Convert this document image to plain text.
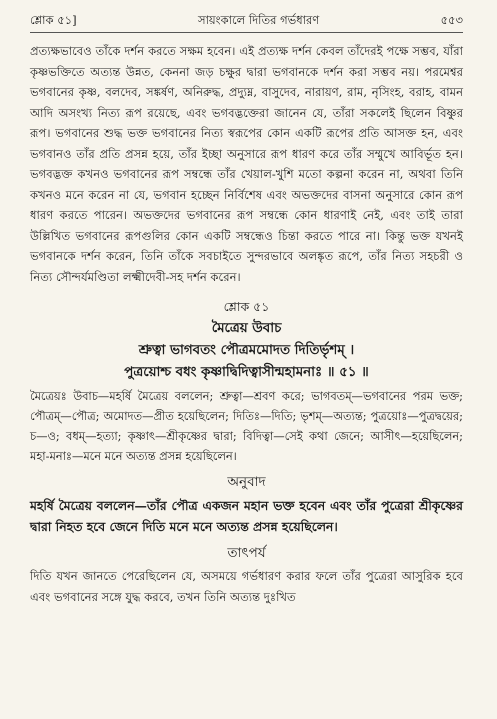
শ্লোক ৫১]	সায়ংকালে দিতির গর্ভধারণ	৫৫৩

প্রত্যক্ষভাবেও তাঁকে দর্শন করতে সক্ষম হবেন। এই প্রত্যক্ষ দর্শন কেবল তাঁদেরই পক্ষে সম্ভব, যাঁরা কৃষ্ণভক্তিতে অত্যন্ত উন্নত, কেননা জড় চক্ষুর দ্বারা ভগবানকে দর্শন করা সম্ভব নয়। পরমেশ্বর ভগবানের কৃষ্ণ, বলদেব, সঙ্কর্ষণ, অনিরুদ্ধ, প্রদ্যুম্ন, বাসুদেব, নারায়ণ, রাম, নৃসিংহ, বরাহ, বামন আদি অসংখ্য নিত্য রূপ রয়েছে, এবং ভগবদ্ভক্তেরা জানেন যে, তাঁরা সকলেই ছিলেন বিষ্ণুর রূপ। ভগবানের শুদ্ধ ভক্ত ভগবানের নিত্য স্বরূপের কোন একটি রূপের প্রতি আসক্ত হন, এবং ভগবানও তাঁর প্রতি প্রসন্ন হয়ে, তাঁর ইচ্ছা অনুসারে রূপ ধারণ করে তাঁর সম্মুখে আবির্ভূত হন। ভগবদ্ভক্ত কখনও ভগবানের রূপ সম্বন্ধে তাঁর খেয়াল-খুশি মতো কল্পনা করেন না, অথবা তিনি কখনও মনে করেন না যে, ভগবান হচ্ছেন নির্বিশেষ এবং অভক্তদের বাসনা অনুসারে কোন রূপ ধারণ করতে পারেন। অভক্তদের ভগবানের রূপ সম্বন্ধে কোন ধারণাই নেই, এবং তাই তারা উল্লিখিত ভগবানের রূপগুলির কোন একটি সম্বন্ধেও চিন্তা করতে পারে না। কিন্তু ভক্ত যখনই ভগবানকে দর্শন করেন, তিনি তাঁকে সবচাইতে সুন্দরভাবে অলঙ্কৃত রূপে, তাঁর নিত্য সহচরী ও নিত্য সৌন্দর্যমণ্ডিতা লক্ষ্মীদেবী-সহ দর্শন করেন।

শ্লোক ৫১
মৈত্রেয় উবাচ
শ্রুত্বা ভাগবতং পৌত্রমমোদত দিতির্ভৃশম্ ।
পুত্রয়োশ্চ বধং কৃষ্ণাদ্বিদিত্বাসীন্মহামনাঃ ॥ ৫১ ॥

মৈত্রেয়ঃ উবাচ—মহর্ষি মৈত্রেয় বললেন; শ্রুত্বা—শ্রবণ করে; ভাগবতম্—ভগবানের পরম ভক্ত; পৌত্রম্—পৌত্র; অমোদত—প্রীত হয়েছিলেন; দিতিঃ—দিতি; ভৃশম্—অত্যন্ত; পুত্রয়োঃ—পুত্রদ্বয়ের; চ—ও; বধম্—হত্যা; কৃষ্ণাৎ—শ্রীকৃষ্ণের দ্বারা; বিদিত্বা—সেই কথা জেনে; আসীৎ—হয়েছিলেন; মহা-মনাঃ—মনে মনে অত্যন্ত প্রসন্ন হয়েছিলেন।

অনুবাদ

মহর্ষি মৈত্রেয় বললেন—তাঁর পৌত্র একজন মহান ভক্ত হবেন এবং তাঁর পুত্রেরা শ্রীকৃষ্ণের দ্বারা নিহত হবে জেনে দিতি মনে মনে অত্যন্ত প্রসন্ন হয়েছিলেন।

তাৎপর্য

দিতি যখন জানতে পেরেছিলেন যে, অসময়ে গর্ভধারণ করার ফলে তাঁর পুত্রেরা আসুরিক হবে এবং ভগবানের সঙ্গে যুদ্ধ করবে, তখন তিনি অত্যন্ত দুঃখিত
